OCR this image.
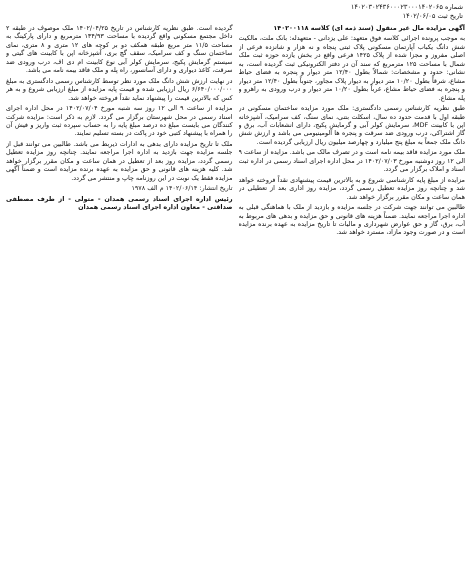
شماره ۱۴۰۲۰۳۰۲۴۳۶۰۰۰۲۳۰۰۰۱۴۰۲۰۶۵
تاریخ ثبت ۱۴۰۲/۰۶/۰۵

آگهی مزایده مال غیر منقول (سند ذمه ای) کلاسه ۱۴۰۲۰۰۱۱۸

به موجب پرونده اجرائی کلاسه فوق متعهد: علی یزدانی - متعهدله: بانک ملت، مالکیت شش دانگ یکباب آپارتمان مسکونی پلاک ثبتی پنجاه و نه هزار و شانزده فرعی از اصلی مفروز و مجزا شده از پلاک ۱۴۲۵ فرعی واقع در بخش یازده حوزه ثبت ملک شمال با مساحت ۱۲۵ مترمربع که سند آن در دفتر الکترونیکی ثبت گردیده است، به نشانی: حدود و مشخصات: شمالاً بطول ۱۲/۴۰ متر دیوار و پنجره به فضای حیاط مشاع، شرقاً بطول ۱۰/۲۰ متر دیوار به دیوار پلاک مجاور، جنوباً بطول ۱۲/۴۰ متر دیوار و پنجره به فضای حیاط مشاع، غرباً بطول ۱۰/۲۰ متر دیوار و درب ورودی به راهرو و پله مشاع.

طبق نظریه کارشناس رسمی دادگستری: ملک مورد مزایده ساختمان مسکونی در طبقه اول با قدمت حدود ده سال، اسکلت بتنی، نمای سنگ، کف سرامیک، آشپزخانه اپن با کابینت MDF، سرمایش کولر آبی و گرمایش پکیج، دارای انشعابات آب، برق و گاز اشتراکی، درب ورودی ضد سرقت و پنجره ها آلومینیومی می باشد و ارزش شش دانگ ملک جمعاً به مبلغ پنج میلیارد و چهارصد میلیون ریال ارزیابی گردیده است.

ملک مورد مزایده فاقد بیمه نامه است و در تصرف مالک می باشد. مزایده از ساعت ۹ الی ۱۲ روز دوشنبه مورخ ۱۴۰۲/۰۷/۰۳ در محل اداره اجرای اسناد رسمی در اداره ثبت اسناد و املاک برگزار می گردد.

مزایده از مبلغ پایه کارشناسی شروع و به بالاترین قیمت پیشنهادی نقداً فروخته خواهد شد و چنانچه روز مزایده تعطیل رسمی گردد، مزایده روز اداری بعد از تعطیلی در همان ساعت و مکان مقرر برگزار خواهد شد.

طالبین می توانند جهت شرکت در جلسه مزایده و بازدید از ملک با هماهنگی قبلی به اداره اجرا مراجعه نمایند. ضمناً هزینه های قانونی و حق مزایده و بدهی های مربوط به آب، برق، گاز و حق عوارض شهرداری و مالیات تا تاریخ مزایده به عهده برنده مزایده است و در صورت وجود مازاد، مسترد خواهد شد.

گردیده است. طبق نظریه کارشناس در تاریخ ۱۴۰۲/۰۴/۲۵ ملک موصوف در طبقه ۲ داخل مجتمع مسکونی واقع گردیده با مساحت ۱۳۴/۹۳ مترمربع و دارای پارکینگ به مساحت ۱۱/۵ متر مربع طبقه همکف دو بر کوچه های ۱۲ متری و ۸ متری، نمای ساختمان سنگ و کف سرامیک، سقف گچ بری، آشپزخانه اپن با کابینت های گیتی و سیستم گرمایش پکیج، سرمایش کولر آبی نوع کابینت ام دی اف، درب ورودی ضد سرقت، کاغذ دیواری و دارای آسانسور، راه پله و ملک فاقد بیمه نامه می باشد.

در نهایت ارزش شش دانگ ملک مورد نظر توسط کارشناس رسمی دادگستری به مبلغ ۶/۶۴۰/۰۰۰/۰۰۰ ریال ارزیابی شده و قیمت پایه مزایده از مبلغ ارزیابی شروع و به هر کس که بالاترین قیمت را پیشنهاد نماید نقداً فروخته خواهد شد.

مزایده از ساعت ۹ الی ۱۲ روز سه شنبه مورخ ۱۴۰۲/۰۷/۰۴ در محل اداره اجرای اسناد رسمی در محل شهرستان برگزار می گردد. لازم به ذکر است: مزایده شرکت کنندگان می بایست مبلغ ده درصد مبلغ پایه را به حساب سپرده ثبت واریز و فیش آن را همراه با پیشنهاد کتبی خود در پاکت در بسته تسلیم نمایند.

ملک تا تاریخ مزایده دارای بدهی به ادارات ذیربط می باشد. طالبین می توانند قبل از جلسه مزایده جهت بازدید به اداره اجرا مراجعه نمایند. چنانچه روز مزایده تعطیل رسمی گردد، مزایده روز بعد از تعطیل در همان ساعت و مکان مقرر برگزار خواهد شد. کلیه هزینه های قانونی و حق مزایده به عهده برنده مزایده است و ضمناً آگهی مزایده فقط یک نوبت در این روزنامه چاپ و منتشر می گردد.

تاریخ انتشار: ۱۴۰۲/۰۶/۱۴ م الف ۱۹۷۸

رئیس اداره اجرای اسناد رسمی همدان - متولی - از طرف مصطفی صداقتی - معاون اداره اجرای اسناد رسمی همدان
